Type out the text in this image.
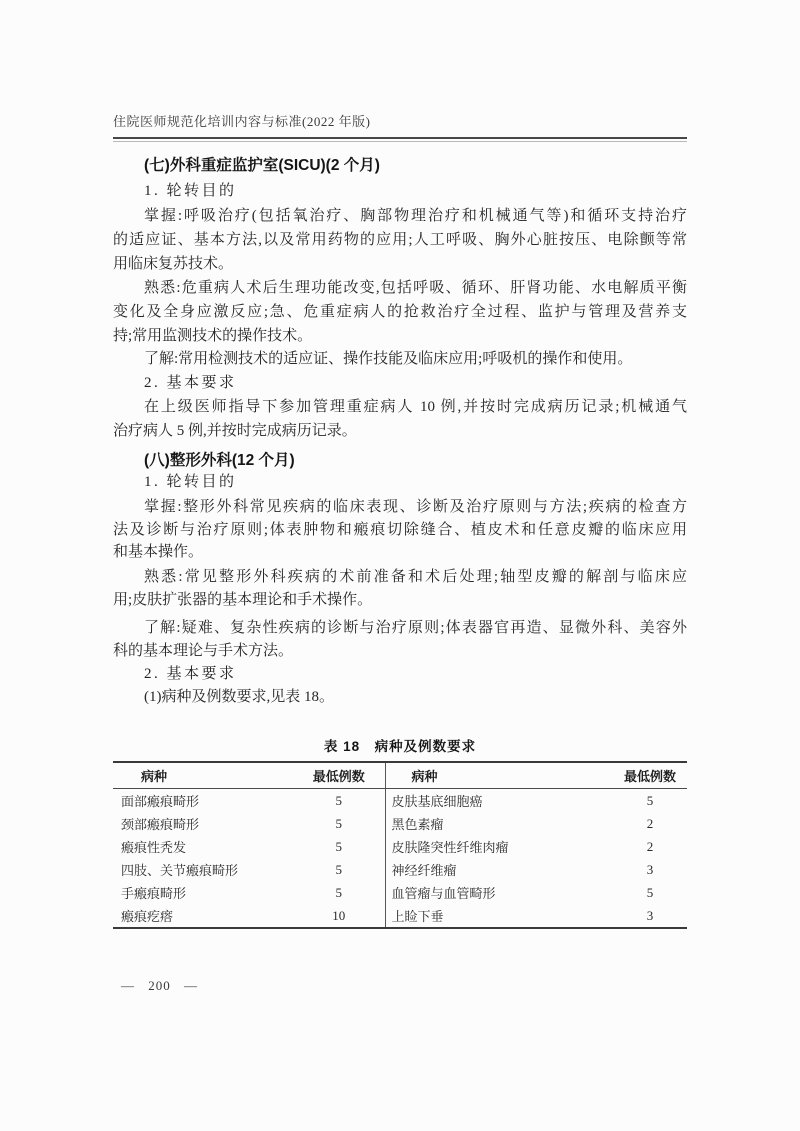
住院医师规范化培训内容与标准(2022 年版)
(七)外科重症监护室(SICU)(2 个月)
1. 轮转目的
掌握:呼吸治疗(包括氧治疗、胸部物理治疗和机械通气等)和循环支持治疗
的适应证、基本方法,以及常用药物的应用;人工呼吸、胸外心脏按压、电除颤等常
用临床复苏技术。
熟悉:危重病人术后生理功能改变,包括呼吸、循环、肝肾功能、水电解质平衡
变化及全身应激反应;急、危重症病人的抢救治疗全过程、监护与管理及营养支
持;常用监测技术的操作技术。
了解:常用检测技术的适应证、操作技能及临床应用;呼吸机的操作和使用。
2. 基本要求
在上级医师指导下参加管理重症病人 10 例,并按时完成病历记录;机械通气
治疗病人 5 例,并按时完成病历记录。
(八)整形外科(12 个月)
1. 轮转目的
掌握:整形外科常见疾病的临床表现、诊断及治疗原则与方法;疾病的检查方
法及诊断与治疗原则;体表肿物和瘢痕切除缝合、植皮术和任意皮瓣的临床应用
和基本操作。
熟悉:常见整形外科疾病的术前准备和术后处理;轴型皮瓣的解剖与临床应
用;皮肤扩张器的基本理论和手术操作。
了解:疑难、复杂性疾病的诊断与治疗原则;体表器官再造、显微外科、美容外
科的基本理论与手术方法。
2. 基本要求
(1)病种及例数要求,见表 18。
表 18　病种及例数要求
病种	最低例数	病种	最低例数
面部瘢痕畸形	5	皮肤基底细胞癌	5
颈部瘢痕畸形	5	黑色素瘤	2
瘢痕性秃发	5	皮肤隆突性纤维肉瘤	2
四肢、关节瘢痕畸形	5	神经纤维瘤	3
手瘢痕畸形	5	血管瘤与血管畸形	5
瘢痕疙瘩	10	上睑下垂	3
— 200 —
